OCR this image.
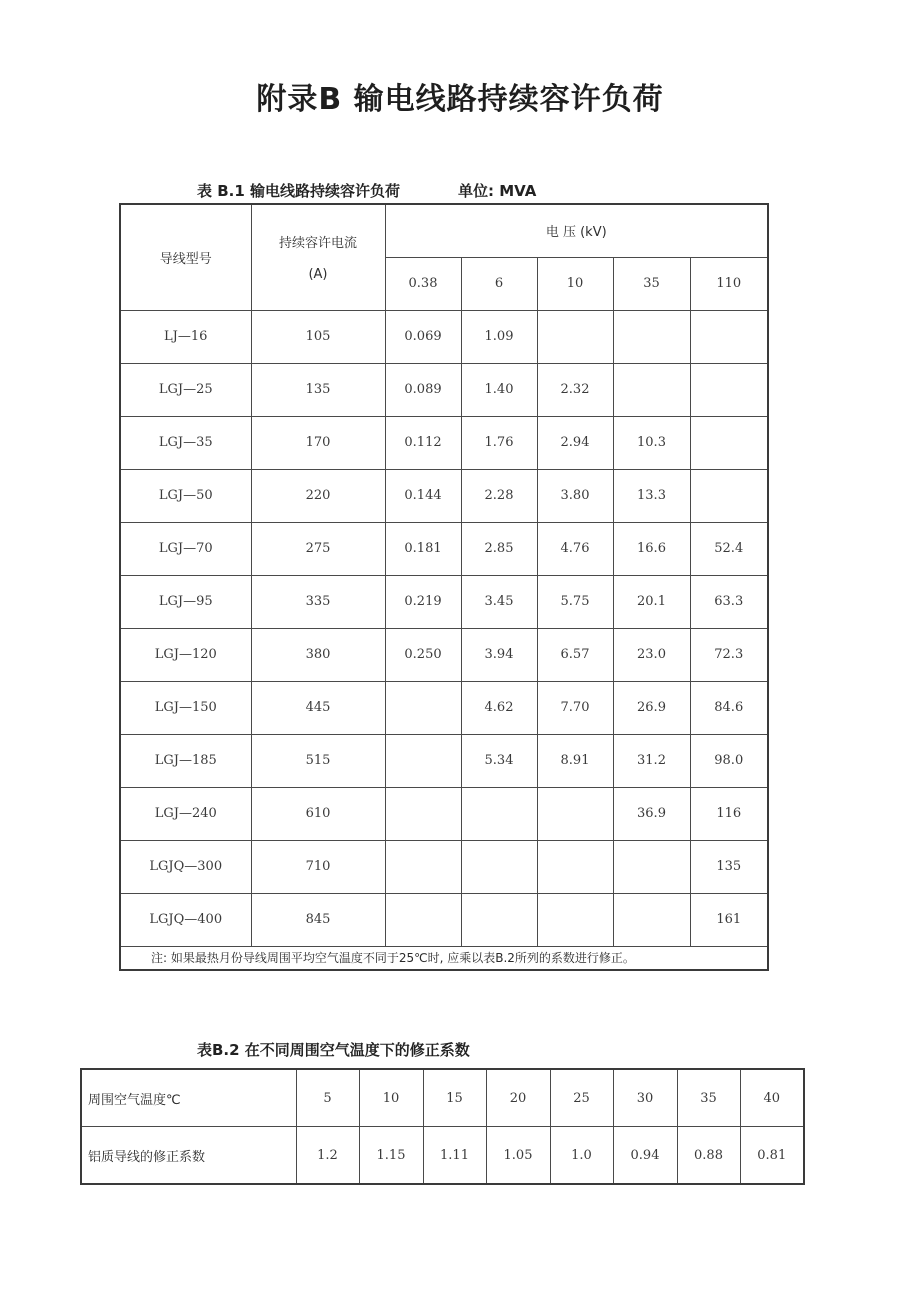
附录B 输电线路持续容许负荷
表 B.1 输电线路持续容许负荷	单位: MVA
导线型号	持续容许电流
(A)	电 压 (kV)				
		0.38	6	10	35	110
LJ—16	105	0.069	1.09			
LGJ—25	135	0.089	1.40	2.32		
LGJ—35	170	0.112	1.76	2.94	10.3	
LGJ—50	220	0.144	2.28	3.80	13.3	
LGJ—70	275	0.181	2.85	4.76	16.6	52.4
LGJ—95	335	0.219	3.45	5.75	20.1	63.3
LGJ—120	380	0.250	3.94	6.57	23.0	72.3
LGJ—150	445		4.62	7.70	26.9	84.6
LGJ—185	515		5.34	8.91	31.2	98.0
LGJ—240	610				36.9	116
LGJQ—300	710					135
LGJQ—400	845					161
注: 如果最热月份导线周围平均空气温度不同于25℃时, 应乘以表B.2所列的系数进行修正。						
表B.2 在不同周围空气温度下的修正系数
周围空气温度℃	5	10	15	20	25	30	35	40
铝质导线的修正系数	1.2	1.15	1.11	1.05	1.0	0.94	0.88	0.81
